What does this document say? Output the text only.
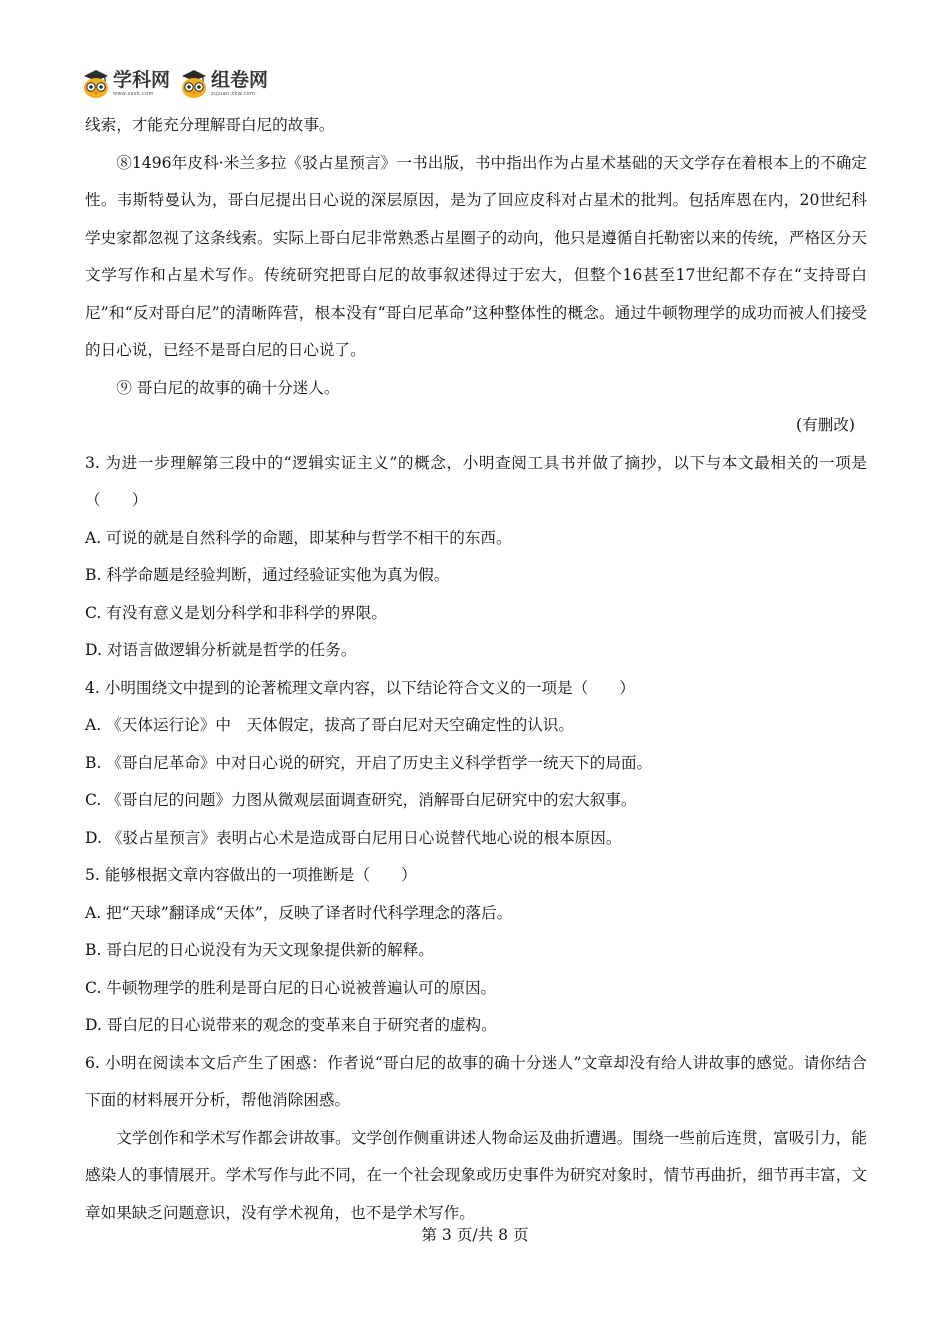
学科网
www.zxxk.com
组卷网
zujuan.xkw.com

线索，才能充分理解哥白尼的故事。

⑧1496年皮科·米兰多拉《驳占星预言》一书出版，书中指出作为占星术基础的天文学存在着根本上的不确定性。韦斯特曼认为，哥白尼提出日心说的深层原因，是为了回应皮科对占星术的批判。包括库恩在内，20世纪科学史家都忽视了这条线索。实际上哥白尼非常熟悉占星圈子的动向，他只是遵循自托勒密以来的传统，严格区分天文学写作和占星术写作。传统研究把哥白尼的故事叙述得过于宏大，但整个16甚至17世纪都不存在“支持哥白尼”和“反对哥白尼”的清晰阵营，根本没有“哥白尼革命”这种整体性的概念。通过牛顿物理学的成功而被人们接受的日心说，已经不是哥白尼的日心说了。

⑨ 哥白尼的故事的确十分迷人。

(有删改)

3. 为进一步理解第三段中的“逻辑实证主义”的概念，小明查阅工具书并做了摘抄，以下与本文最相关的一项是（　　）

A. 可说的就是自然科学的命题，即某种与哲学不相干的东西。

B. 科学命题是经验判断，通过经验证实他为真为假。

C. 有没有意义是划分科学和非科学的界限。

D. 对语言做逻辑分析就是哲学的任务。

4. 小明围绕文中提到的论著梳理文章内容，以下结论符合文义的一项是（　　）

A. 《天体运行论》中　天体假定，拔高了哥白尼对天空确定性的认识。

B. 《哥白尼革命》中对日心说的研究，开启了历史主义科学哲学一统天下的局面。

C. 《哥白尼的问题》力图从微观层面调查研究，消解哥白尼研究中的宏大叙事。

D. 《驳占星预言》表明占心术是造成哥白尼用日心说替代地心说的根本原因。

5. 能够根据文章内容做出的一项推断是（　　）

A. 把“天球”翻译成“天体”，反映了译者时代科学理念的落后。

B. 哥白尼的日心说没有为天文现象提供新的解释。

C. 牛顿物理学的胜利是哥白尼的日心说被普遍认可的原因。

D. 哥白尼的日心说带来的观念的变革来自于研究者的虚构。

6. 小明在阅读本文后产生了困惑：作者说“哥白尼的故事的确十分迷人”文章却没有给人讲故事的感觉。请你结合下面的材料展开分析，帮他消除困惑。

文学创作和学术写作都会讲故事。文学创作侧重讲述人物命运及曲折遭遇。围绕一些前后连贯，富吸引力，能感染人的事情展开。学术写作与此不同，在一个社会现象或历史事件为研究对象时，情节再曲折，细节再丰富，文章如果缺乏问题意识，没有学术视角，也不是学术写作。

第 3 页/共 8 页
